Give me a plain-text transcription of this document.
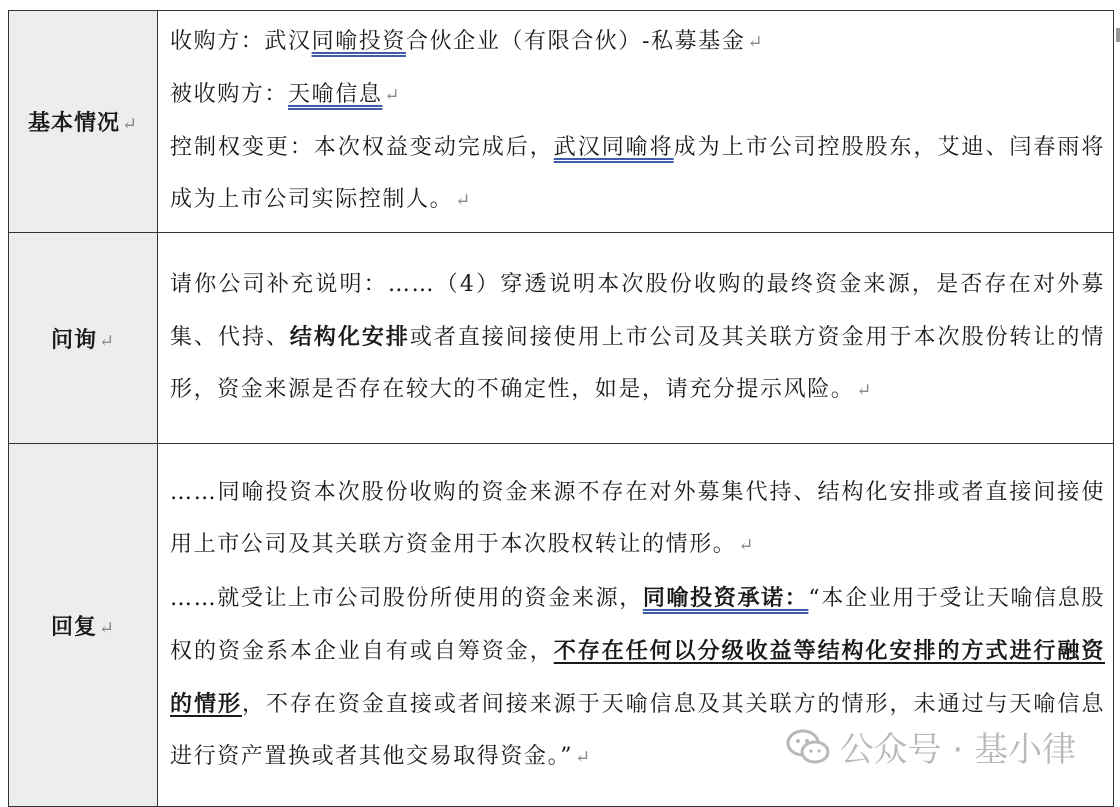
基本情况 ↵	收购方：武汉同喻投资合伙企业（有限合伙）-私募基金 ↵
被收购方：天喻信息 ↵
控制权变更：本次权益变动完成后，武汉同喻将成为上市公司控股股东，艾迪、闫春雨将成为上市公司实际控制人。 ↵

问询 ↵	请你公司补充说明：……（4）穿透说明本次股份收购的最终资金来源，是否存在对外募集、代持、结构化安排或者直接间接使用上市公司及其关联方资金用于本次股份转让的情形，资金来源是否存在较大的不确定性，如是，请充分提示风险。 ↵

回复 ↵	……同喻投资本次股份收购的资金来源不存在对外募集代持、结构化安排或者直接间接使用上市公司及其关联方资金用于本次股权转让的情形。 ↵
……就受让上市公司股份所使用的资金来源，同喻投资承诺：“本企业用于受让天喻信息股权的资金系本企业自有或自筹资金，不存在任何以分级收益等结构化安排的方式进行融资的情形，不存在资金直接或者间接来源于天喻信息及其关联方的情形，未通过与天喻信息进行资产置换或者其他交易取得资金。” ↵	公众号 · 基小律
